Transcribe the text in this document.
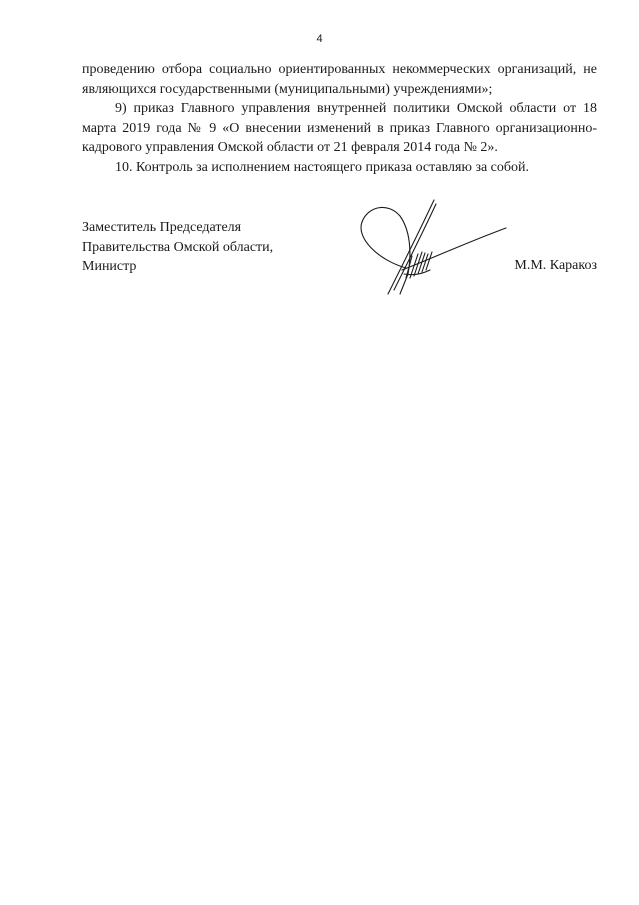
4

проведению отбора социально ориентированных некоммерческих организаций, не являющихся государственными (муниципальными) учреждениями»;

9) приказ Главного управления внутренней политики Омской области от 18 марта 2019 года № 9 «О внесении изменений в приказ Главного организационно-кадрового управления Омской области от 21 февраля 2014 года № 2».

10. Контроль за исполнением настоящего приказа оставляю за собой.

Заместитель Председателя
Правительства Омской области,
Министр	М.М. Каракоз
